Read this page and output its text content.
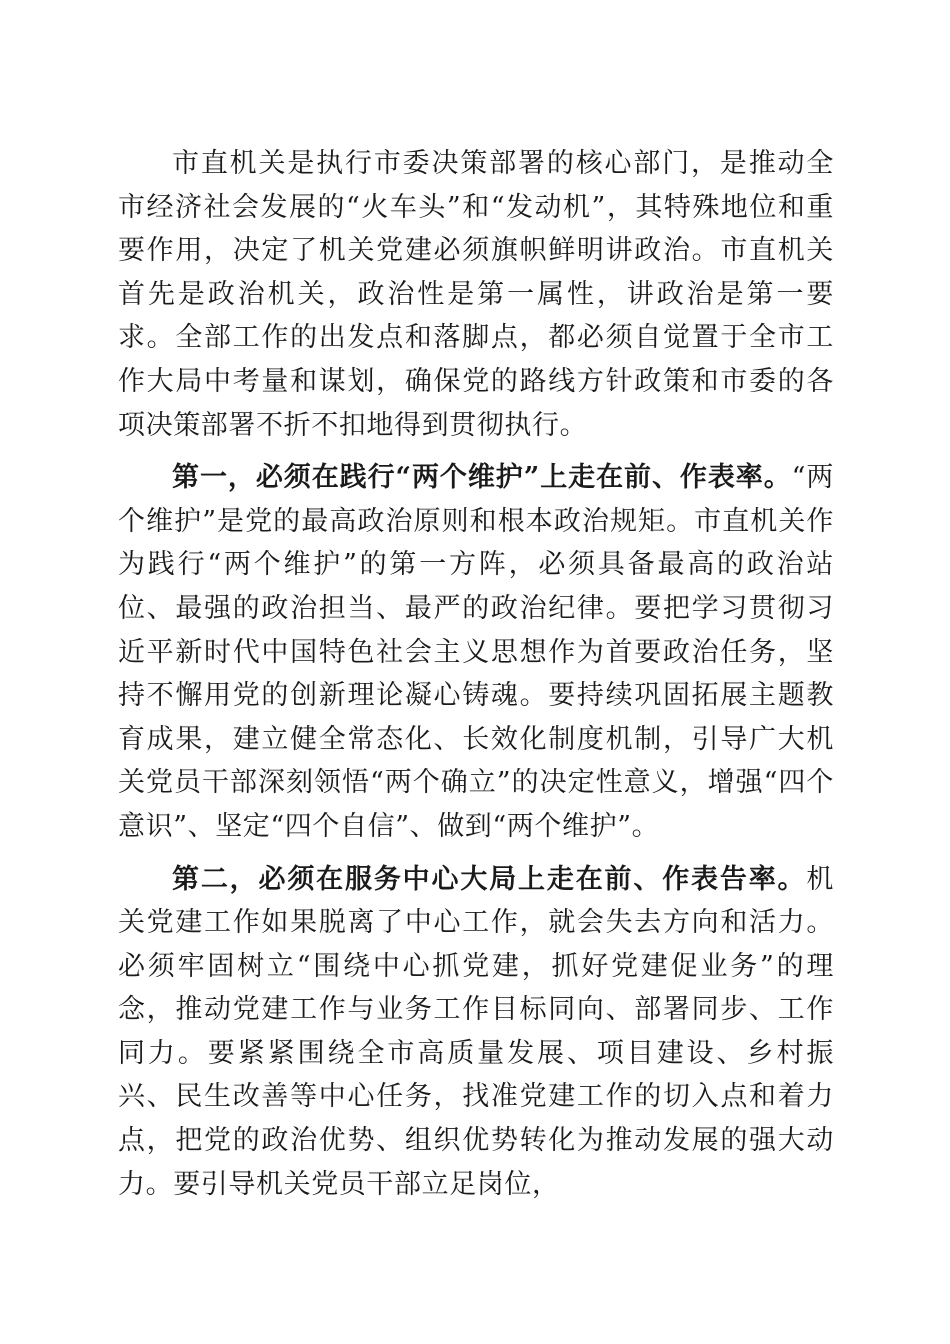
市直机关是执行市委决策部署的核心部门，是推动全市经济社会发展的“火车头”和“发动机”，其特殊地位和重要作用，决定了机关党建必须旗帜鲜明讲政治。市直机关首先是政治机关，政治性是第一属性，讲政治是第一要求。全部工作的出发点和落脚点，都必须自觉置于全市工作大局中考量和谋划，确保党的路线方针政策和市委的各项决策部署不折不扣地得到贯彻执行。

第一，必须在践行“两个维护”上走在前、作表率。“两个维护”是党的最高政治原则和根本政治规矩。市直机关作为践行“两个维护”的第一方阵，必须具备最高的政治站位、最强的政治担当、最严的政治纪律。要把学习贯彻习近平新时代中国特色社会主义思想作为首要政治任务，坚持不懈用党的创新理论凝心铸魂。要持续巩固拓展主题教育成果，建立健全常态化、长效化制度机制，引导广大机关党员干部深刻领悟“两个确立”的决定性意义，增强“四个意识”、坚定“四个自信”、做到“两个维护”。

第二，必须在服务中心大局上走在前、作表告率。机关党建工作如果脱离了中心工作，就会失去方向和活力。必须牢固树立“围绕中心抓党建，抓好党建促业务”的理念，推动党建工作与业务工作目标同向、部署同步、工作同力。要紧紧围绕全市高质量发展、项目建设、乡村振兴、民生改善等中心任务，找准党建工作的切入点和着力点，把党的政治优势、组织优势转化为推动发展的强大动力。要引导机关党员干部立足岗位，
